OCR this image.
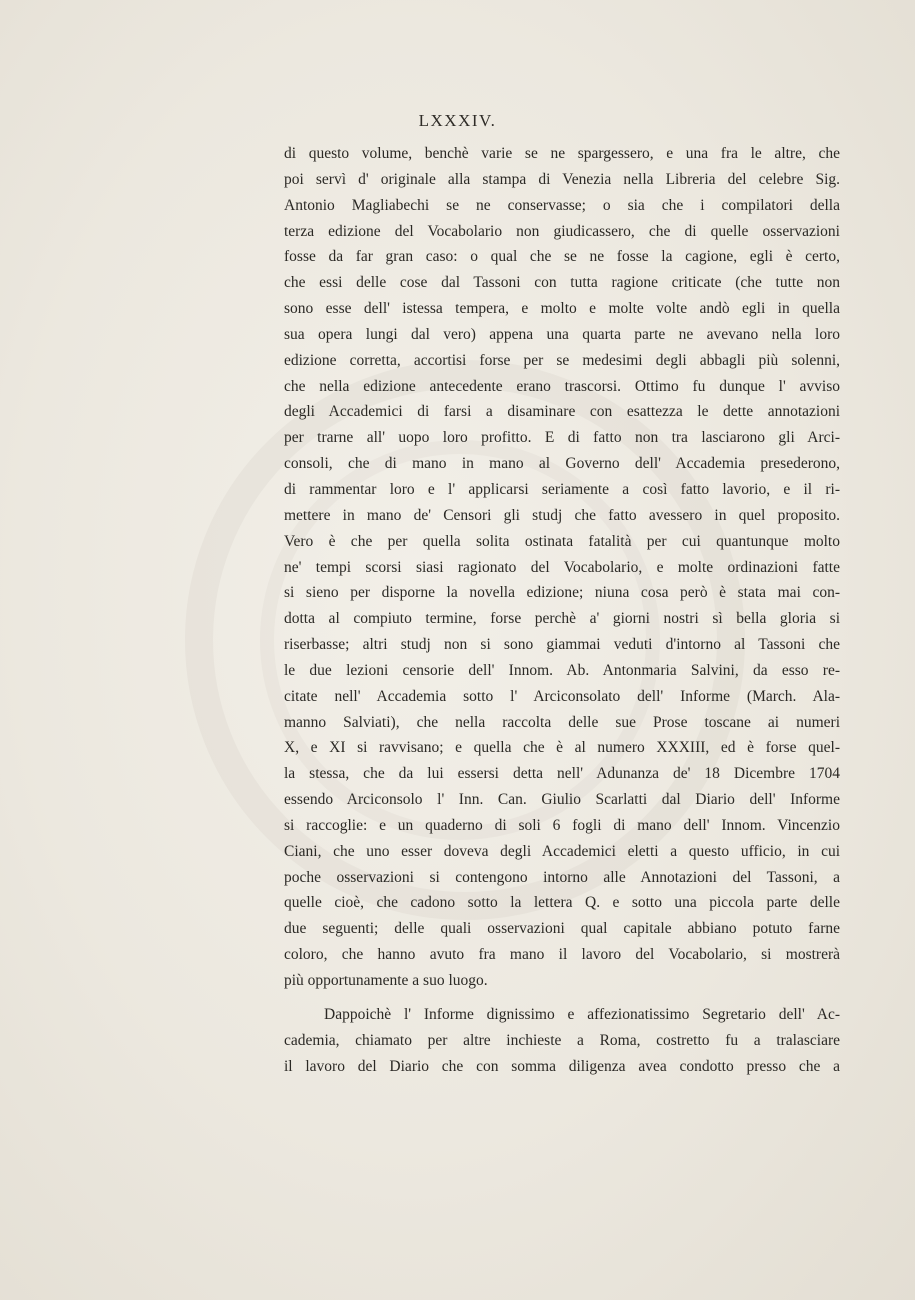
LXXXIV.
di questo volume, benchè varie se ne spargessero, e una fra le altre, che
poi servì d' originale alla stampa di Venezia nella Libreria del celebre Sig.
Antonio Magliabechi se ne conservasse; o sia che i compilatori della
terza edizione del Vocabolario non giudicassero, che di quelle osservazioni
fosse da far gran caso: o qual che se ne fosse la cagione, egli è certo,
che essi delle cose dal Tassoni con tutta ragione criticate (che tutte non
sono esse dell' istessa tempera, e molto e molte volte andò egli in quella
sua opera lungi dal vero) appena una quarta parte ne avevano nella loro
edizione corretta, accortisi forse per se medesimi degli abbagli più solenni,
che nella edizione antecedente erano trascorsi. Ottimo fu dunque l' avviso
degli Accademici di farsi a disaminare con esattezza le dette annotazioni
per trarne all' uopo loro profitto. E di fatto non tra lasciarono gli Arci-
consoli, che di mano in mano al Governo dell' Accademia presederono,
di rammentar loro e l' applicarsi seriamente a così fatto lavorio, e il ri-
mettere in mano de' Censori gli studj che fatto avessero in quel proposito.
Vero è che per quella solita ostinata fatalità per cui quantunque molto
ne' tempi scorsi siasi ragionato del Vocabolario, e molte ordinazioni fatte
si sieno per disporne la novella edizione; niuna cosa però è stata mai con-
dotta al compiuto termine, forse perchè a' giorni nostri sì bella gloria si
riserbasse; altri studj non si sono giammai veduti d'intorno al Tassoni che
le due lezioni censorie dell' Innom. Ab. Antonmaria Salvini, da esso re-
citate nell' Accademia sotto l' Arciconsolato dell' Informe (March. Ala-
manno Salviati), che nella raccolta delle sue Prose toscane ai numeri
X, e XI si ravvisano; e quella che è al numero XXXIII, ed è forse quel-
la stessa, che da lui essersi detta nell' Adunanza de' 18 Dicembre 1704
essendo Arciconsolo l' Inn. Can. Giulio Scarlatti dal Diario dell' Informe
si raccoglie: e un quaderno di soli 6 fogli di mano dell' Innom. Vincenzio
Ciani, che uno esser doveva degli Accademici eletti a questo ufficio, in cui
poche osservazioni si contengono intorno alle Annotazioni del Tassoni, a
quelle cioè, che cadono sotto la lettera Q. e sotto una piccola parte delle
due seguenti; delle quali osservazioni qual capitale abbiano potuto farne
coloro, che hanno avuto fra mano il lavoro del Vocabolario, si mostrerà
più opportunamente a suo luogo.
Dappoichè l' Informe dignissimo e affezionatissimo Segretario dell' Ac-
cademia, chiamato per altre inchieste a Roma, costretto fu a tralasciare
il lavoro del Diario che con somma diligenza avea condotto presso che a
